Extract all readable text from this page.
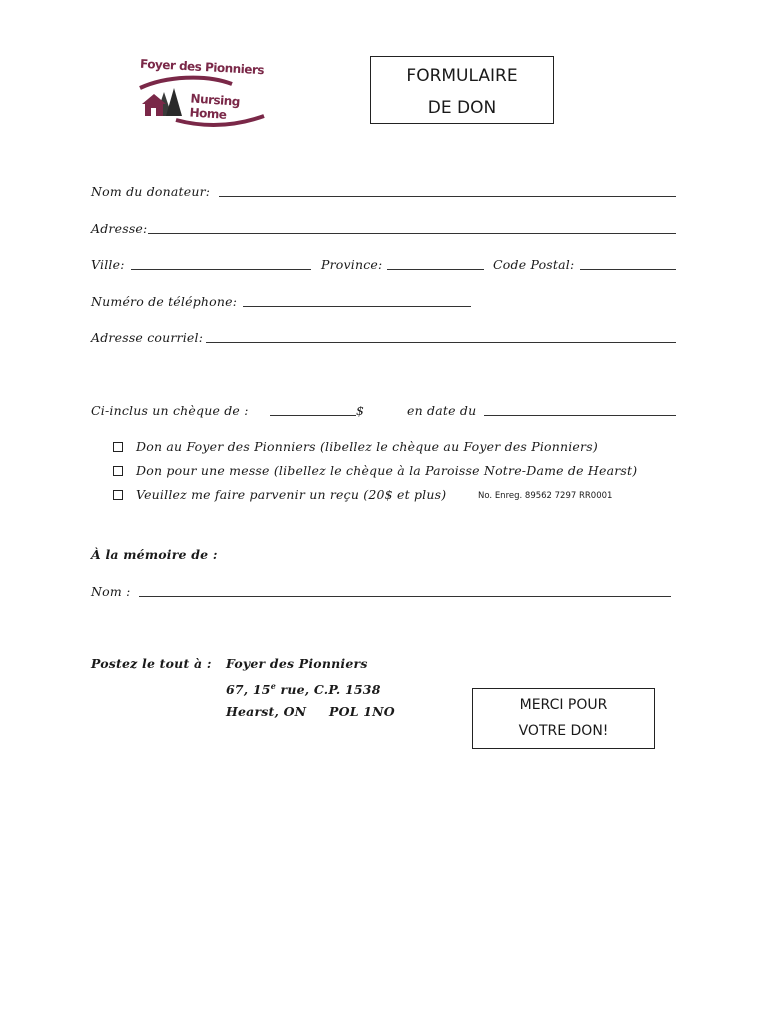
Foyer des Pionniers
Nursing Home
FORMULAIRE
DE DON
Nom du donateur:
Adresse:
Ville:	Province:	Code Postal:
Numéro de téléphone:
Adresse courriel:
Ci-inclus un chèque de :	$	en date du
Don au Foyer des Pionniers (libellez le chèque au Foyer des Pionniers)
Don pour une messe (libellez le chèque à la Paroisse Notre-Dame de Hearst)
Veuillez me faire parvenir un reçu (20$ et plus)	No. Enreg. 89562 7297 RR0001
À la mémoire de :
Nom :
Postez le tout à : Foyer des Pionniers
67, 15e rue, C.P. 1538
Hearst, ON POL 1NO	MERCI POUR
VOTRE DON!
